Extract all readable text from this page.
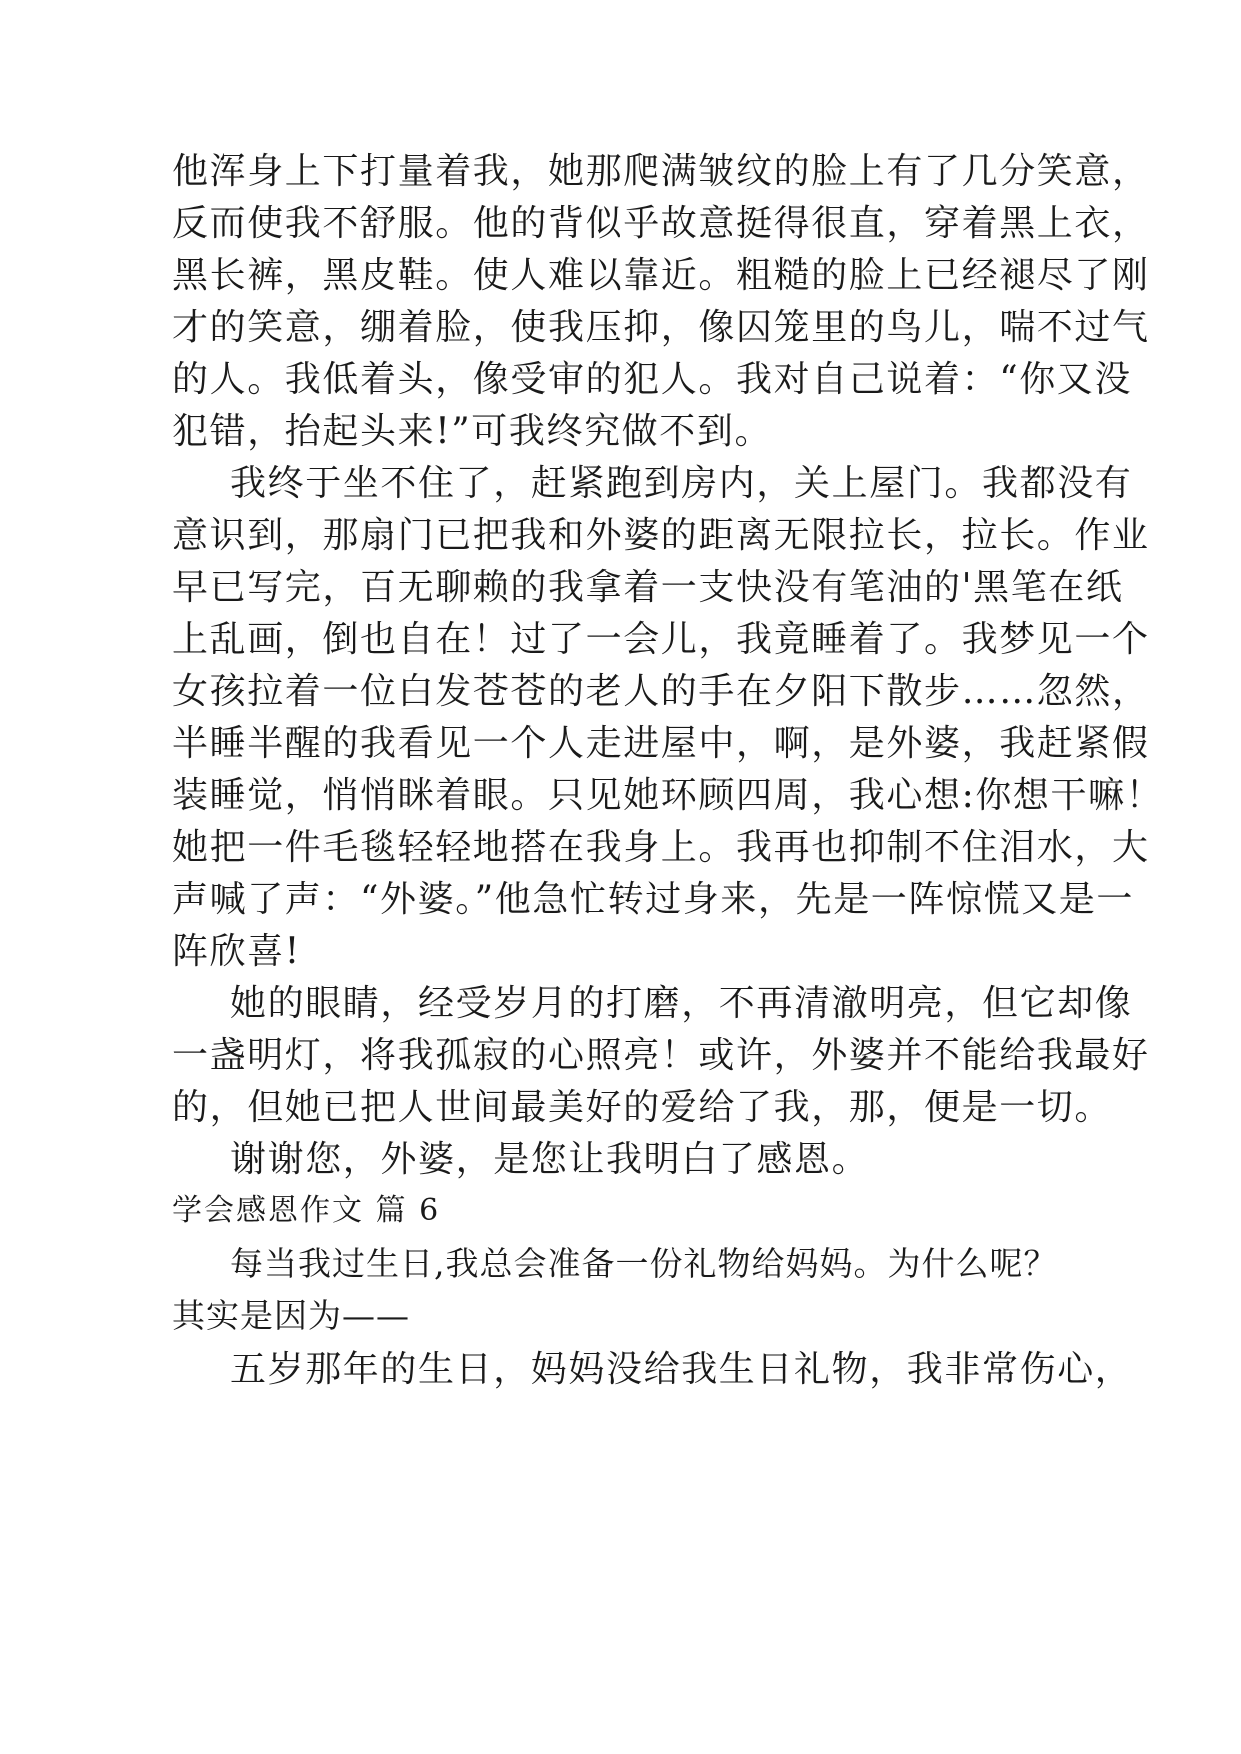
他浑身上下打量着我，她那爬满皱纹的脸上有了几分笑意，
反而使我不舒服。他的背似乎故意挺得很直，穿着黑上衣，
黑长裤，黑皮鞋。使人难以靠近。粗糙的脸上已经褪尽了刚
才的笑意，绷着脸，使我压抑，像囚笼里的鸟儿，喘不过气
的人。我低着头，像受审的犯人。我对自己说着：“你又没
犯错，抬起头来!”可我终究做不到。
我终于坐不住了，赶紧跑到房内，关上屋门。我都没有
意识到，那扇门已把我和外婆的距离无限拉长，拉长。作业
早已写完，百无聊赖的我拿着一支快没有笔油的'黑笔在纸
上乱画，倒也自在！过了一会儿，我竟睡着了。我梦见一个
女孩拉着一位白发苍苍的老人的手在夕阳下散步……忽然，
半睡半醒的我看见一个人走进屋中，啊，是外婆，我赶紧假
装睡觉，悄悄眯着眼。只见她环顾四周，我心想:你想干嘛！
她把一件毛毯轻轻地搭在我身上。我再也抑制不住泪水，大
声喊了声：“外婆。”他急忙转过身来，先是一阵惊慌又是一
阵欣喜!
她的眼睛，经受岁月的打磨，不再清澈明亮，但它却像
一盏明灯，将我孤寂的心照亮！或许，外婆并不能给我最好
的，但她已把人世间最美好的爱给了我，那，便是一切。
谢谢您，外婆，是您让我明白了感恩。
学会感恩作文 篇 6
每当我过生日,我总会准备一份礼物给妈妈。为什么呢？
其实是因为——
五岁那年的生日，妈妈没给我生日礼物，我非常伤心，
